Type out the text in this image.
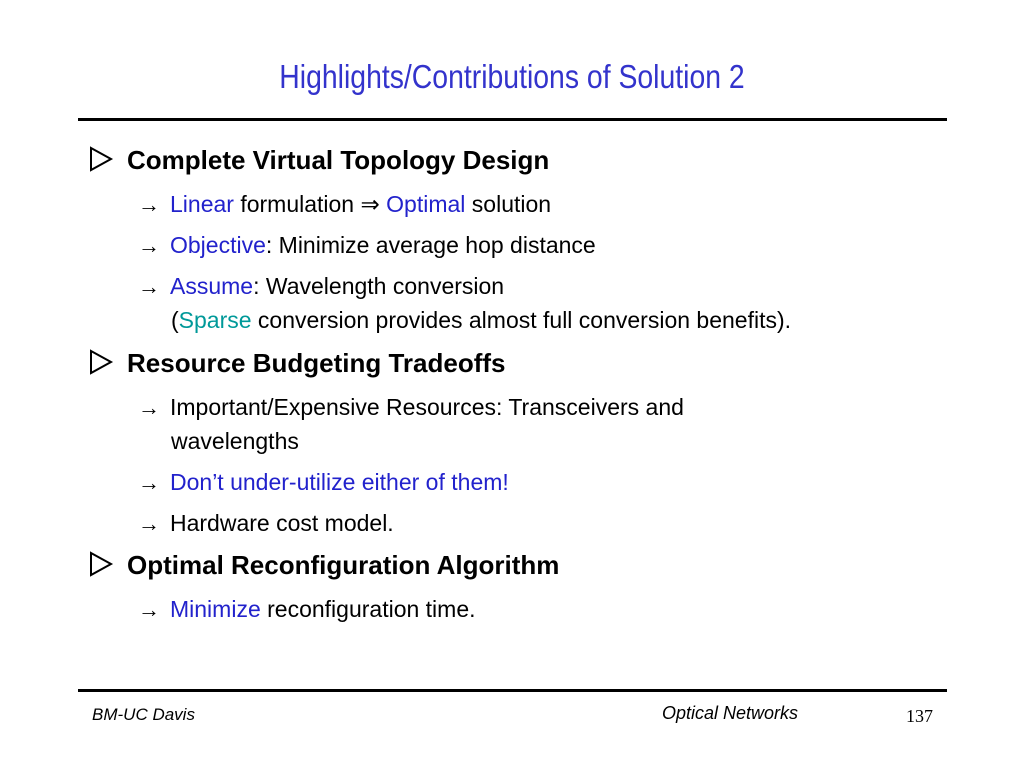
Highlights/Contributions of Solution 2
Complete Virtual Topology Design
→ Linear formulation ⇒ Optimal solution
→ Objective: Minimize average hop distance
→ Assume: Wavelength conversion
(Sparse conversion provides almost full conversion benefits).
Resource Budgeting Tradeoffs
→ Important/Expensive Resources: Transceivers and
wavelengths
→ Don’t under-utilize either of them!
→ Hardware cost model.
Optimal Reconfiguration Algorithm
→ Minimize reconfiguration time.
BM-UC Davis	Optical Networks	137
